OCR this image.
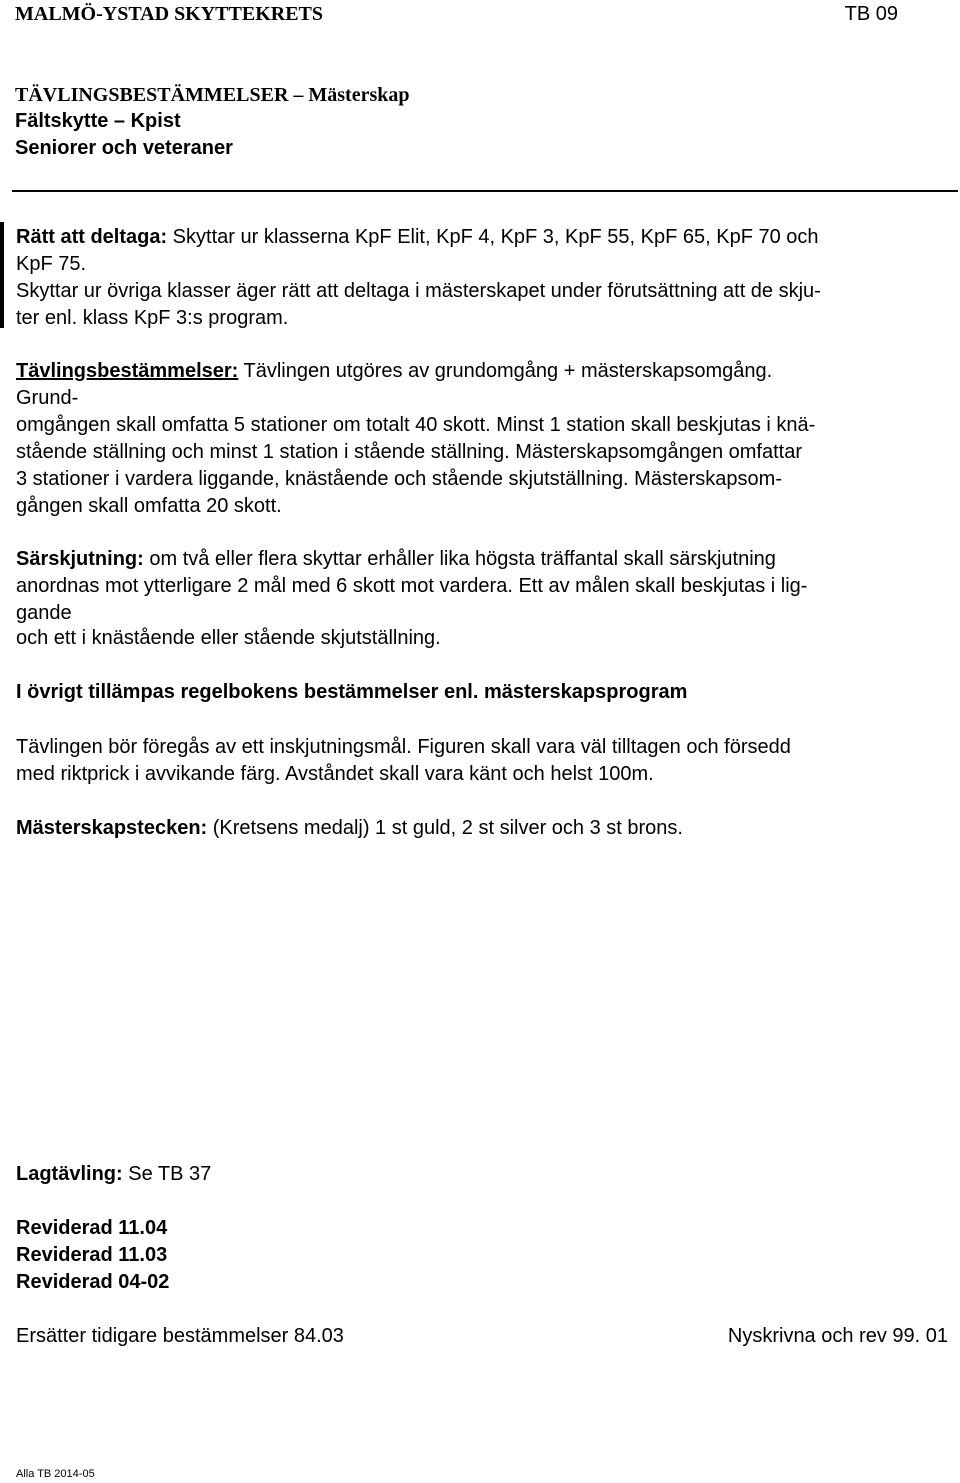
MALMÖ-YSTAD SKYTTEKRETS	TB 09
TÄVLINGSBESTÄMMELSER – Mästerskap
Fältskytte – Kpist
Seniorer och veteraner
Rätt att deltaga: Skyttar ur klasserna KpF Elit, KpF 4, KpF 3, KpF 55, KpF 65, KpF 70 och
KpF 75.
Skyttar ur övriga klasser äger rätt att deltaga i mästerskapet under förutsättning att de skju-
ter enl. klass KpF 3:s program.
Tävlingsbestämmelser: Tävlingen utgöres av grundomgång + mästerskapsomgång.
Grund-
omgången skall omfatta 5 stationer om totalt 40 skott. Minst 1 station skall beskjutas i knä-
stående ställning och minst 1 station i stående ställning. Mästerskapsomgången omfattar
3 stationer i vardera liggande, knästående och stående skjutställning. Mästerskapsom-
gången skall omfatta 20 skott.
Särskjutning: om två eller flera skyttar erhåller lika högsta träffantal skall särskjutning
anordnas mot ytterligare 2 mål med 6 skott mot vardera. Ett av målen skall beskjutas i lig-
gande
och ett i knästående eller stående skjutställning.
I övrigt tillämpas regelbokens bestämmelser enl. mästerskapsprogram
Tävlingen bör föregås av ett inskjutningsmål. Figuren skall vara väl tilltagen och försedd
med riktprick i avvikande färg. Avståndet skall vara känt och helst 100m.
Mästerskapstecken: (Kretsens medalj) 1 st guld, 2 st silver och 3 st brons.
Lagtävling: Se TB 37
Reviderad 11.04
Reviderad 11.03
Reviderad 04-02
Ersätter tidigare bestämmelser 84.03	Nyskrivna och rev 99. 01
Alla TB 2014-05
